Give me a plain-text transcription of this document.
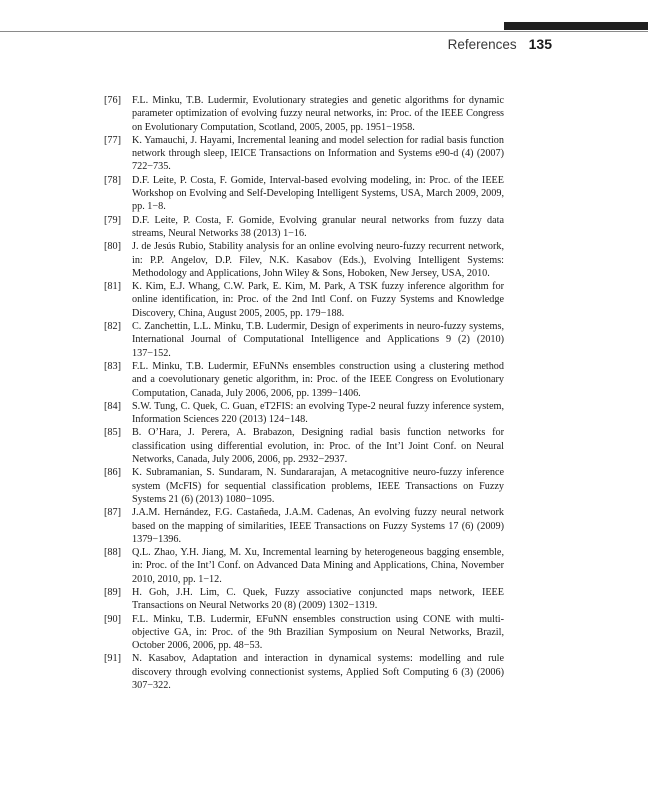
References 135
[76] F.L. Minku, T.B. Ludermir, Evolutionary strategies and genetic algorithms for dynamic parameter optimization of evolving fuzzy neural networks, in: Proc. of the IEEE Congress on Evolutionary Computation, Scotland, 2005, 2005, pp. 1951−1958.
[77] K. Yamauchi, J. Hayami, Incremental leaning and model selection for radial basis function network through sleep, IEICE Transactions on Information and Systems e90-d (4) (2007) 722−735.
[78] D.F. Leite, P. Costa, F. Gomide, Interval-based evolving modeling, in: Proc. of the IEEE Workshop on Evolving and Self-Developing Intelligent Systems, USA, March 2009, 2009, pp. 1−8.
[79] D.F. Leite, P. Costa, F. Gomide, Evolving granular neural networks from fuzzy data streams, Neural Networks 38 (2013) 1−16.
[80] J. de Jesús Rubio, Stability analysis for an online evolving neuro-fuzzy recurrent network, in: P.P. Angelov, D.P. Filev, N.K. Kasabov (Eds.), Evolving Intelligent Systems: Methodology and Applications, John Wiley & Sons, Hoboken, New Jersey, USA, 2010.
[81] K. Kim, E.J. Whang, C.W. Park, E. Kim, M. Park, A TSK fuzzy inference algorithm for online identification, in: Proc. of the 2nd Intl Conf. on Fuzzy Systems and Knowledge Discovery, China, August 2005, 2005, pp. 179−188.
[82] C. Zanchettin, L.L. Minku, T.B. Ludermir, Design of experiments in neuro-fuzzy systems, International Journal of Computational Intelligence and Applications 9 (2) (2010) 137−152.
[83] F.L. Minku, T.B. Ludermir, EFuNNs ensembles construction using a clustering method and a coevolutionary genetic algorithm, in: Proc. of the IEEE Congress on Evolutionary Computation, Canada, July 2006, 2006, pp. 1399−1406.
[84] S.W. Tung, C. Quek, C. Guan, eT2FIS: an evolving Type-2 neural fuzzy inference system, Information Sciences 220 (2013) 124−148.
[85] B. O’Hara, J. Perera, A. Brabazon, Designing radial basis function networks for classification using differential evolution, in: Proc. of the Int’l Joint Conf. on Neural Networks, Canada, July 2006, 2006, pp. 2932−2937.
[86] K. Subramanian, S. Sundaram, N. Sundararajan, A metacognitive neuro-fuzzy inference system (McFIS) for sequential classification problems, IEEE Transactions on Fuzzy Systems 21 (6) (2013) 1080−1095.
[87] J.A.M. Hernández, F.G. Castañeda, J.A.M. Cadenas, An evolving fuzzy neural network based on the mapping of similarities, IEEE Transactions on Fuzzy Systems 17 (6) (2009) 1379−1396.
[88] Q.L. Zhao, Y.H. Jiang, M. Xu, Incremental learning by heterogeneous bagging ensemble, in: Proc. of the Int’l Conf. on Advanced Data Mining and Applications, China, November 2010, 2010, pp. 1−12.
[89] H. Goh, J.H. Lim, C. Quek, Fuzzy associative conjuncted maps network, IEEE Transactions on Neural Networks 20 (8) (2009) 1302−1319.
[90] F.L. Minku, T.B. Ludermir, EFuNN ensembles construction using CONE with multi-objective GA, in: Proc. of the 9th Brazilian Symposium on Neural Networks, Brazil, October 2006, 2006, pp. 48−53.
[91] N. Kasabov, Adaptation and interaction in dynamical systems: modelling and rule discovery through evolving connectionist systems, Applied Soft Computing 6 (3) (2006) 307−322.
